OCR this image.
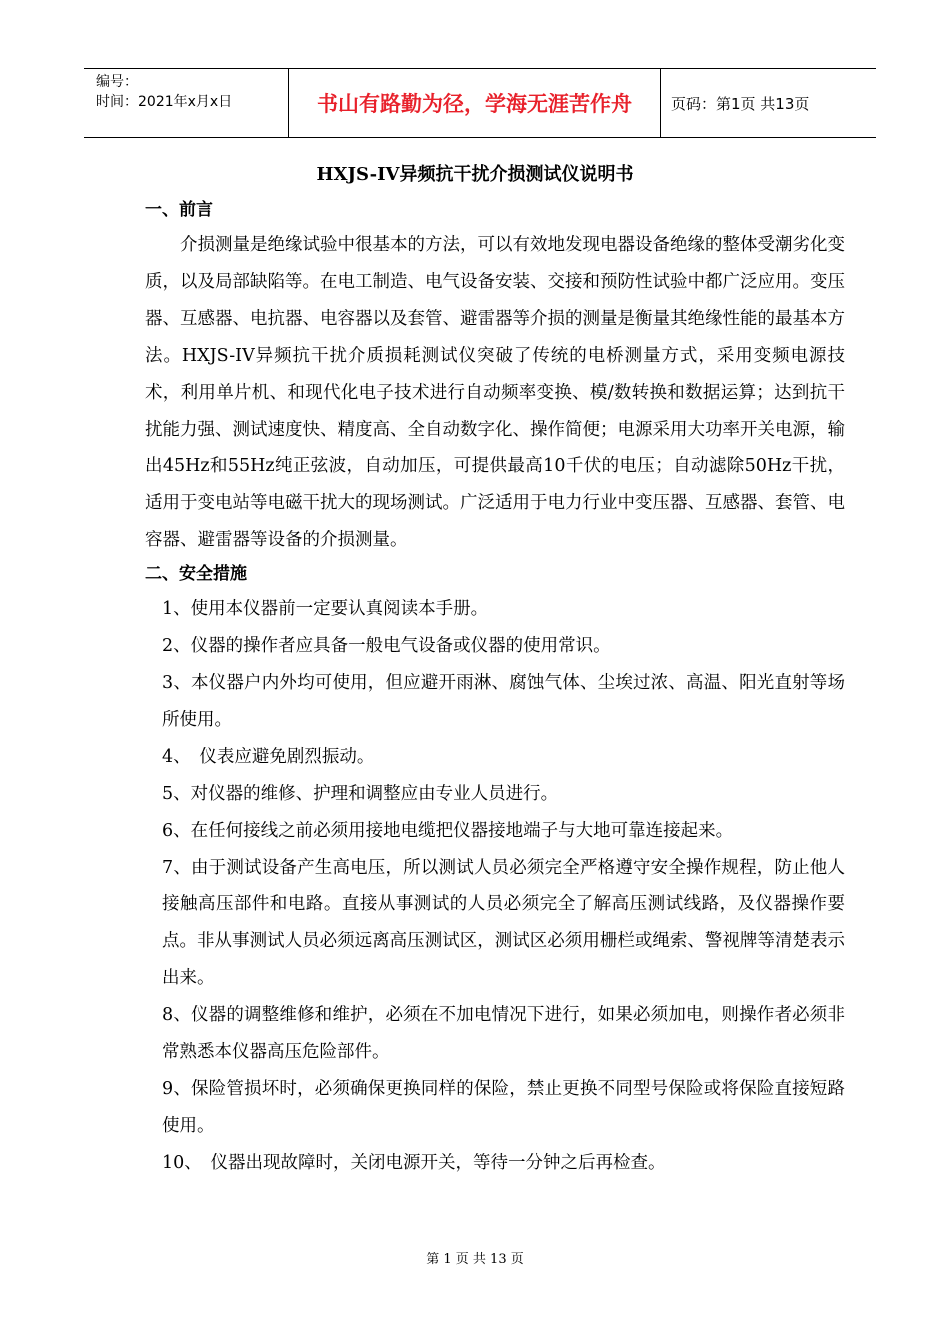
编号：
时间：2021年x月x日	书山有路勤为径，学海无涯苦作舟	页码：第1页 共13页
HXJS-IV异频抗干扰介损测试仪说明书
一、前言
介损测量是绝缘试验中很基本的方法，可以有效地发现电器设备绝缘的整体受潮劣化变质，以及局部缺陷等。在电工制造、电气设备安装、交接和预防性试验中都广泛应用。变压器、互感器、电抗器、电容器以及套管、避雷器等介损的测量是衡量其绝缘性能的最基本方法。HXJS-IV异频抗干扰介质损耗测试仪突破了传统的电桥测量方式，采用变频电源技术，利用单片机、和现代化电子技术进行自动频率变换、模/数转换和数据运算；达到抗干扰能力强、测试速度快、精度高、全自动数字化、操作简便；电源采用大功率开关电源，输出45Hz和55Hz纯正弦波，自动加压，可提供最高10千伏的电压；自动滤除50Hz干扰，适用于变电站等电磁干扰大的现场测试。广泛适用于电力行业中变压器、互感器、套管、电容器、避雷器等设备的介损测量。
二、安全措施
1、使用本仪器前一定要认真阅读本手册。
2、仪器的操作者应具备一般电气设备或仪器的使用常识。
3、本仪器户内外均可使用，但应避开雨淋、腐蚀气体、尘埃过浓、高温、阳光直射等场所使用。
4、　仪表应避免剧烈振动。
5、对仪器的维修、护理和调整应由专业人员进行。
6、在任何接线之前必须用接地电缆把仪器接地端子与大地可靠连接起来。
7、由于测试设备产生高电压，所以测试人员必须完全严格遵守安全操作规程，防止他人接触高压部件和电路。直接从事测试的人员必须完全了解高压测试线路，及仪器操作要点。非从事测试人员必须远离高压测试区，测试区必须用栅栏或绳索、警视牌等清楚表示出来。
8、仪器的调整维修和维护，必须在不加电情况下进行，如果必须加电，则操作者必须非常熟悉本仪器高压危险部件。
9、保险管损坏时，必须确保更换同样的保险，禁止更换不同型号保险或将保险直接短路使用。
10、　仪器出现故障时，关闭电源开关，等待一分钟之后再检查。
第 1 页 共 13 页
